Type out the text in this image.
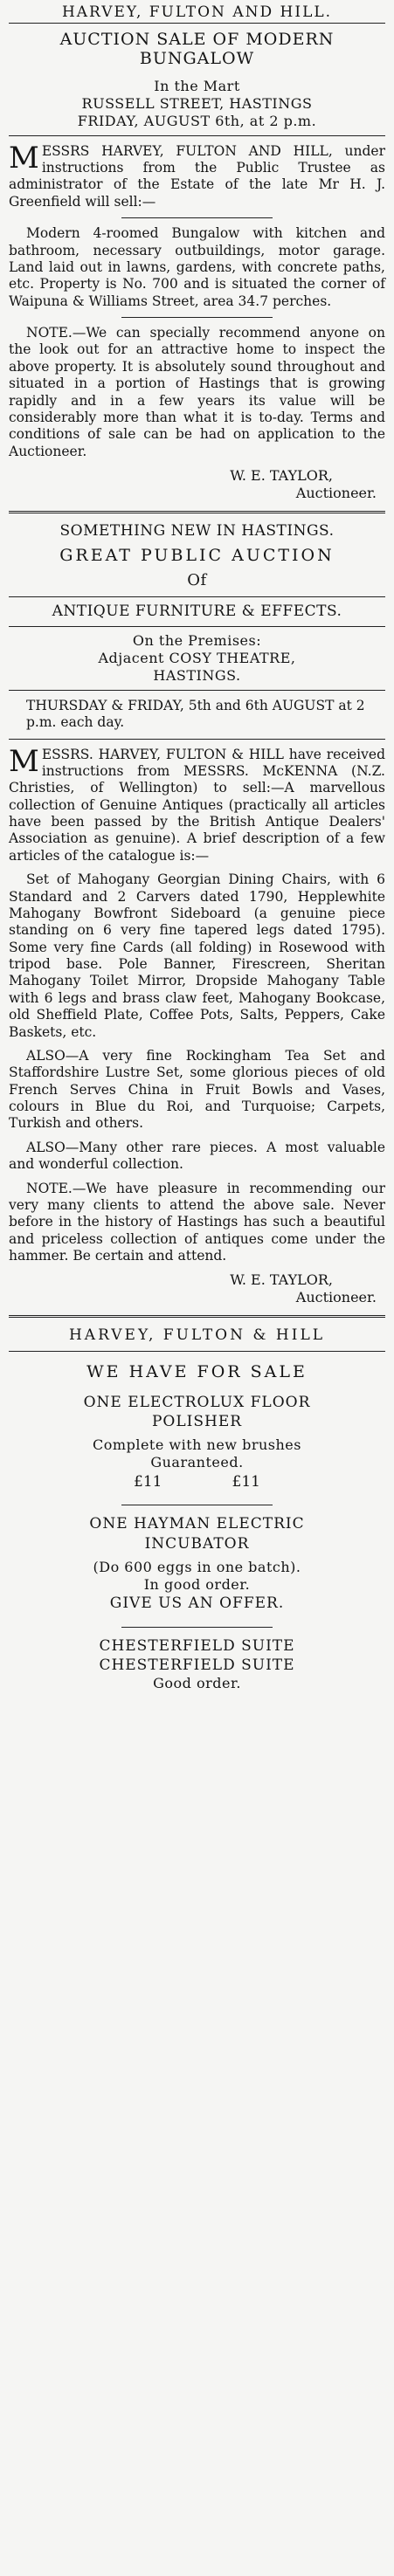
HARVEY, FULTON AND HILL.
AUCTION SALE OF MODERN
BUNGALOW
In the Mart
RUSSELL STREET, HASTINGS
FRIDAY, AUGUST 6th, at 2 p.m.

MESSRS HARVEY, FULTON AND HILL, under instructions from the Public Trustee as administrator of the Estate of the late Mr H. J. Greenfield will sell:—

Modern 4-roomed Bungalow with kitchen and bathroom, necessary outbuildings, motor garage. Land laid out in lawns, gardens, with concrete paths, etc. Property is No. 700 and is situated the corner of Waipuna & Williams Street, area 34.7 perches.

NOTE.—We can specially recommend anyone on the look out for an attractive home to inspect the above property. It is absolutely sound throughout and situated in a portion of Hastings that is growing rapidly and in a few years its value will be considerably more than what it is to-day. Terms and conditions of sale can be had on application to the Auctioneer.

W. E. TAYLOR,
Auctioneer.
SOMETHING NEW IN HASTINGS.
GREAT PUBLIC AUCTION
Of
ANTIQUE FURNITURE & EFFECTS.
On the Premises:
Adjacent COSY THEATRE,
HASTINGS.

THURSDAY & FRIDAY, 5th and 6th AUGUST at 2 p.m. each day.

MESSRS. HARVEY, FULTON & HILL have received instructions from MESSRS. McKENNA (N.Z. Christies, of Wellington) to sell:—A marvellous collection of Genuine Antiques (practically all articles have been passed by the British Antique Dealers' Association as genuine). A brief description of a few articles of the catalogue is:—

Set of Mahogany Georgian Dining Chairs, with 6 Standard and 2 Carvers dated 1790, Hepplewhite Mahogany Bowfront Sideboard (a genuine piece standing on 6 very fine tapered legs dated 1795). Some very fine Cards (all folding) in Rosewood with tripod base. Pole Banner, Firescreen, Sheritan Mahogany Toilet Mirror, Dropside Mahogany Table with 6 legs and brass claw feet, Mahogany Bookcase, old Sheffield Plate, Coffee Pots, Salts, Peppers, Cake Baskets, etc.

ALSO—A very fine Rockingham Tea Set and Staffordshire Lustre Set, some glorious pieces of old French Serves China in Fruit Bowls and Vases, colours in Blue du Roi, and Turquoise; Carpets, Turkish and others.

ALSO—Many other rare pieces. A most valuable and wonderful collection.

NOTE.—We have pleasure in recommending our very many clients to attend the above sale. Never before in the history of Hastings has such a beautiful and priceless collection of antiques come under the hammer. Be certain and attend.

W. E. TAYLOR,
Auctioneer.
HARVEY, FULTON & HILL
WE HAVE FOR SALE
ONE ELECTROLUX FLOOR
POLISHER
Complete with new brushes
Guaranteed.
£11	£11
ONE HAYMAN ELECTRIC
INCUBATOR
(Do 600 eggs in one batch).
In good order.
GIVE US AN OFFER.
CHESTERFIELD SUITE
CHESTERFIELD SUITE
Good order.
